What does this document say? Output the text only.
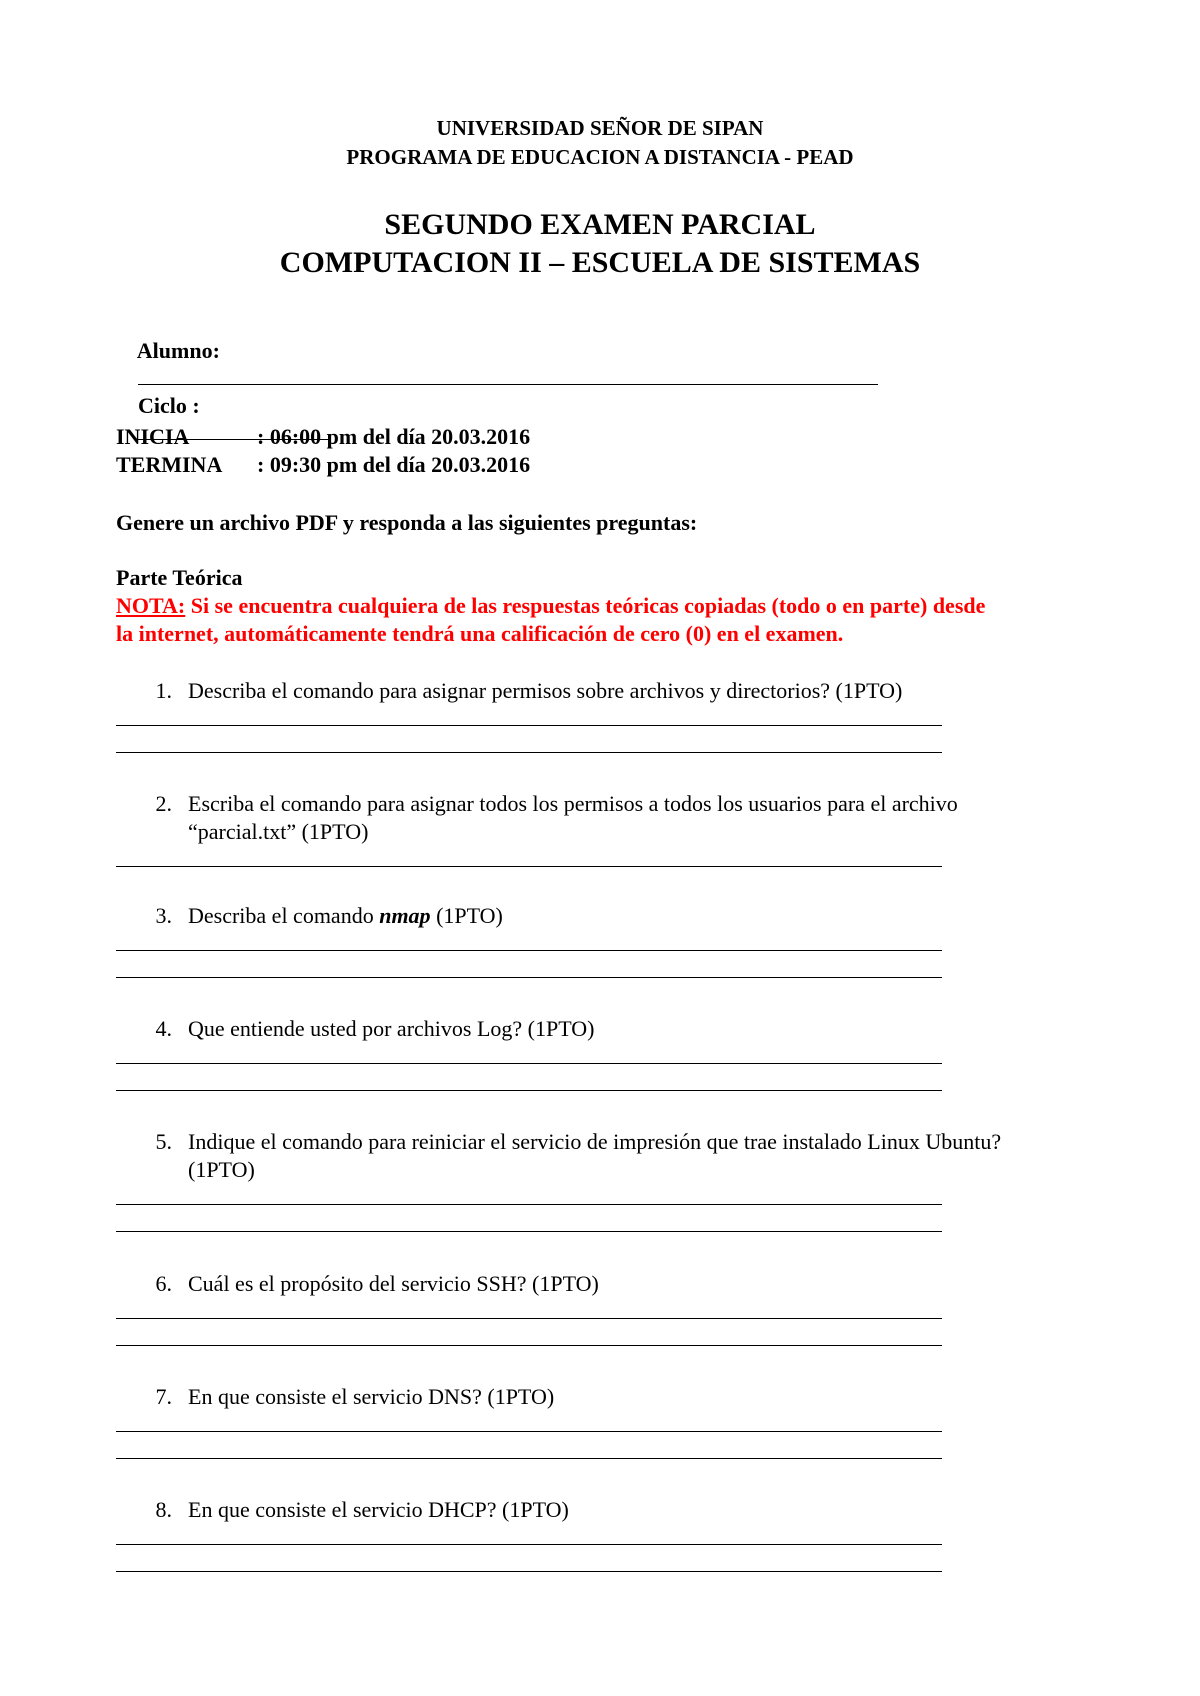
UNIVERSIDAD SEÑOR DE SIPAN
PROGRAMA DE EDUCACION A DISTANCIA - PEAD
SEGUNDO EXAMEN PARCIAL
COMPUTACION II – ESCUELA DE SISTEMAS

Alumno:

Ciclo :

INICIA	: 06:00 pm del día 20.03.2016
TERMINA : 09:30 pm del día 20.03.2016
Genere un archivo PDF y responda a las siguientes preguntas:
Parte Teórica
NOTA: Si se encuentra cualquiera de las respuestas teóricas copiadas (todo o en parte) desde
la internet, automáticamente tendrá una calificación de cero (0) en el examen.
1. Describa el comando para asignar permisos sobre archivos y directorios? (1PTO)
2. Escriba el comando para asignar todos los permisos a todos los usuarios para el archivo
“parcial.txt” (1PTO)
3. Describa el comando nmap (1PTO)
4. Que entiende usted por archivos Log? (1PTO)
5. Indique el comando para reiniciar el servicio de impresión que trae instalado Linux Ubuntu?
(1PTO)
6. Cuál es el propósito del servicio SSH? (1PTO)
7. En que consiste el servicio DNS? (1PTO)
8. En que consiste el servicio DHCP? (1PTO)
